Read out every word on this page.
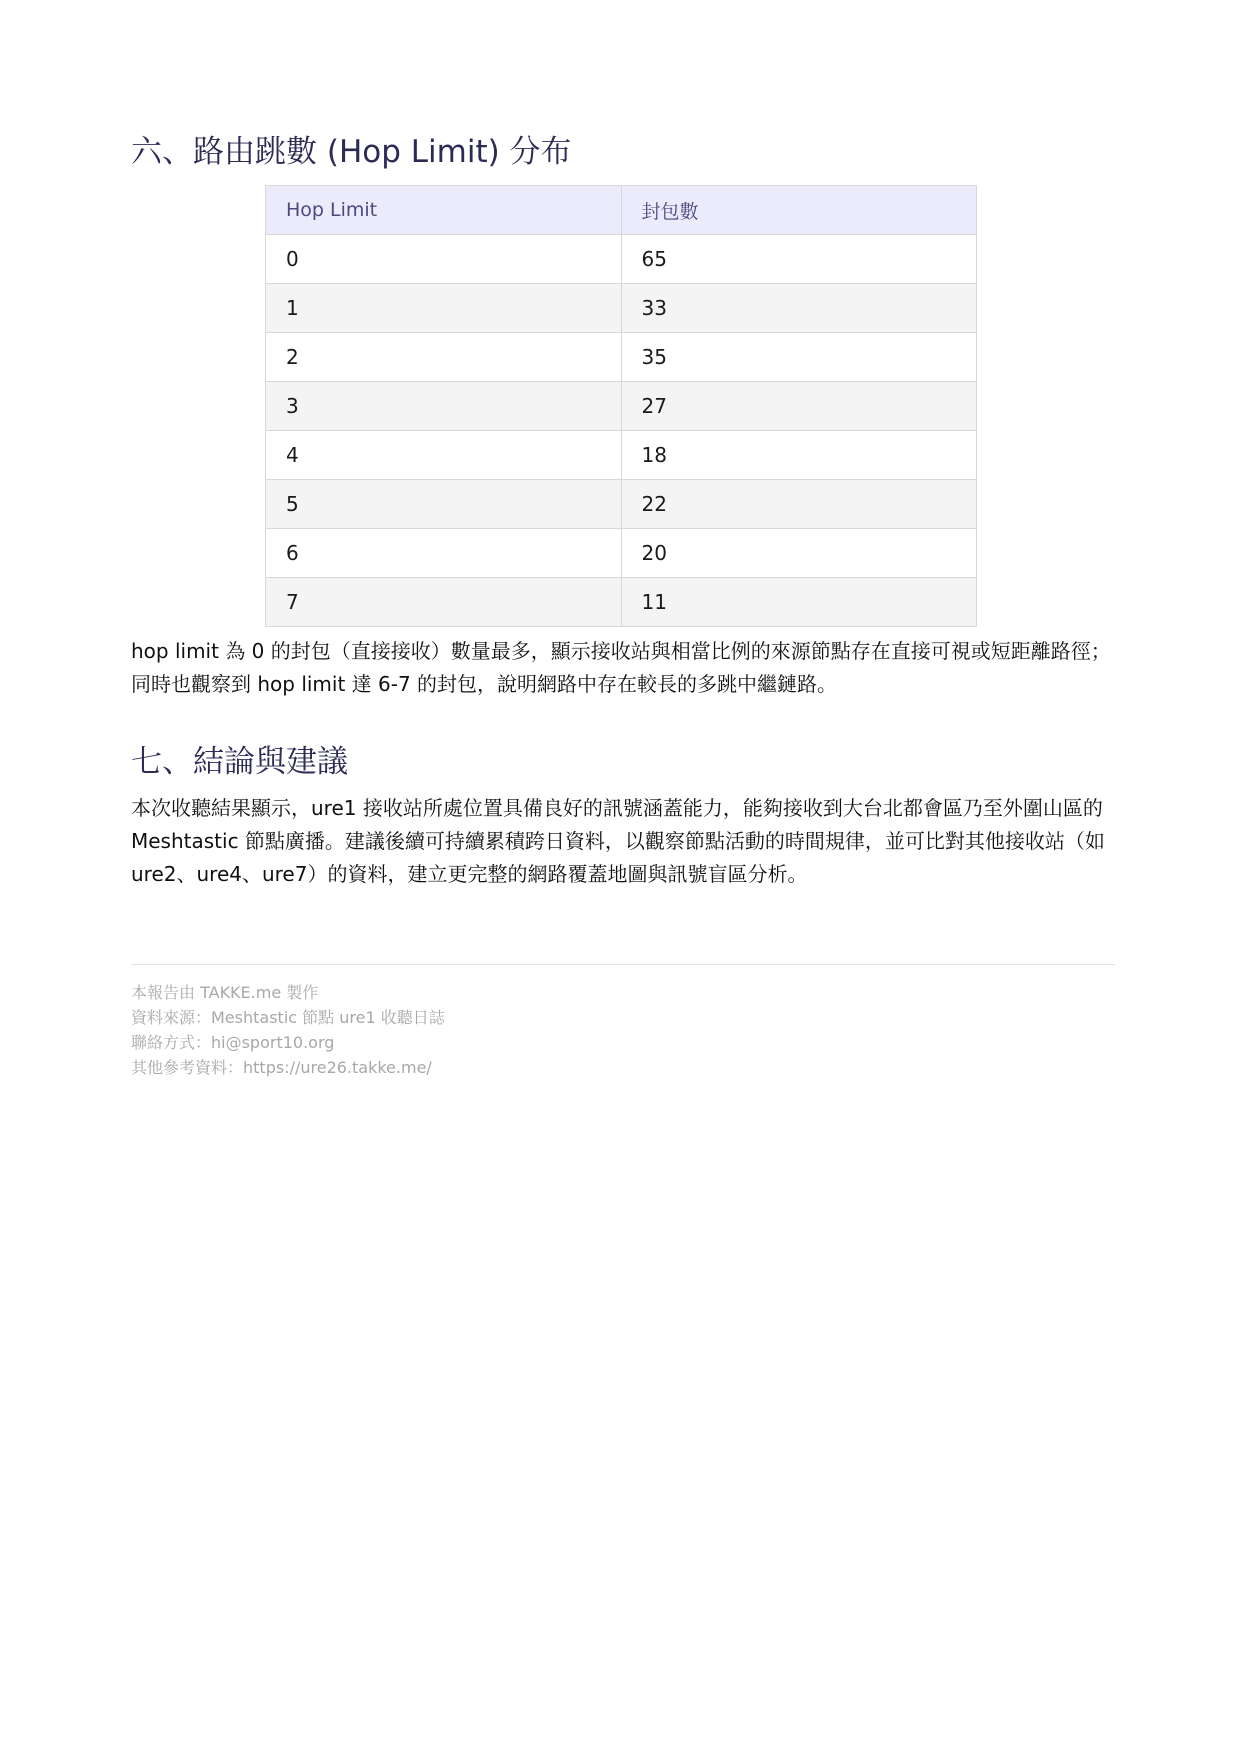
六、路由跳數 (Hop Limit) 分布
Hop Limit	封包數
0	65
1	33
2	35
3	27
4	18
5	22
6	20
7	11

hop limit 為 0 的封包（直接接收）數量最多，顯示接收站與相當比例的來源節點存在直接可視或短距離路徑；同時也觀察到 hop limit 達 6-7 的封包，說明網路中存在較長的多跳中繼鏈路。

七、結論與建議

本次收聽結果顯示，ure1 接收站所處位置具備良好的訊號涵蓋能力，能夠接收到大台北都會區乃至外圍山區的Meshtastic 節點廣播。建議後續可持續累積跨日資料，以觀察節點活動的時間規律，並可比對其他接收站（如 ure2、ure4、ure7）的資料，建立更完整的網路覆蓋地圖與訊號盲區分析。

本報告由 TAKKE.me 製作
資料來源：Meshtastic 節點 ure1 收聽日誌
聯絡方式：hi@sport10.org
其他參考資料：https://ure26.takke.me/
